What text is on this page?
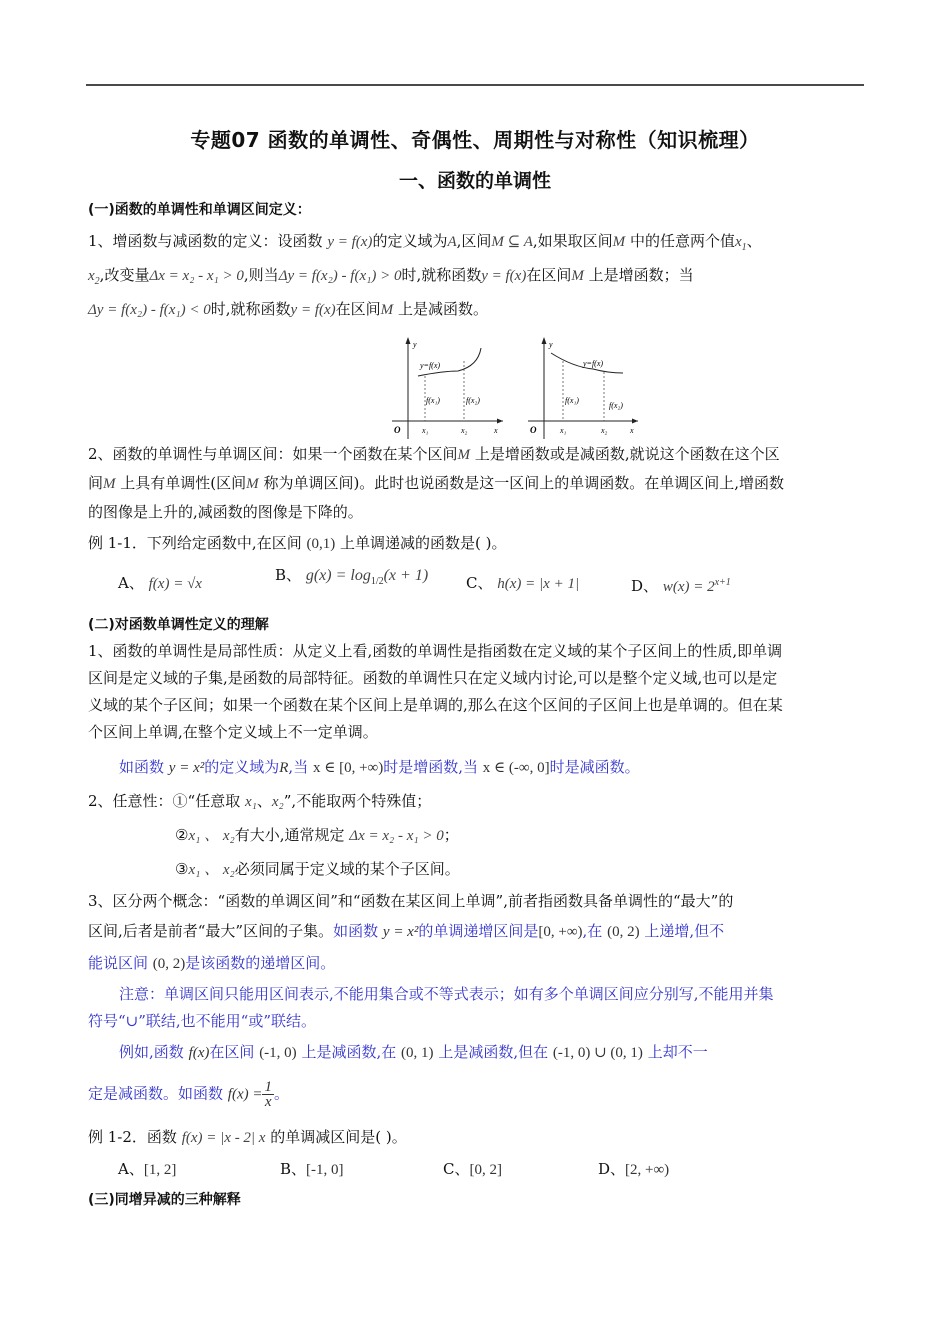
专题07 函数的单调性、奇偶性、周期性与对称性（知识梳理）
一、函数的单调性
(一)函数的单调性和单调区间定义：
1、增函数与减函数的定义：设函数 y = f(x)的定义域为A,区间M ⊆ A,如果取区间M 中的任意两个值$x_1$、
$x_2$,改变量Δx = x₂ - x₁ > 0,则当Δy = f(x₂) - f(x₁) > 0时,就称函数y = f(x)在区间M 上是增函数；当
Δy = f(x₂) - f(x₁) < 0时,就称函数y = f(x)在区间M 上是减函数。
y=f(x)
f(x₁)	f(x₂)
x₁	x₂	x
y
O
y=f(x)
f(x₁)
f(x₂)
x₁	x₂	x
y
O
2、函数的单调性与单调区间：如果一个函数在某个区间M 上是增函数或是减函数,就说这个函数在这个区
间M 上具有单调性(区间M 称为单调区间)。此时也说函数是这一区间上的单调函数。在单调区间上,增函数
的图像是上升的,减函数的图像是下降的。
例 1-1．下列给定函数中,在区间 (0,1) 上单调递减的函数是( )。
A、 f(x) = √x	B、 $g(x) = \log_{1/2}(x + 1)$	C、 h(x) = |x + 1|	D、 $w(x) = 2^{x+1}$
(二)对函数单调性定义的理解
1、函数的单调性是局部性质：从定义上看,函数的单调性是指函数在定义域的某个子区间上的性质,即单调
区间是定义域的子集,是函数的局部特征。函数的单调性只在定义域内讨论,可以是整个定义域,也可以是定
义域的某个子区间；如果一个函数在某个区间上是单调的,那么在这个区间的子区间上也是单调的。但在某
个区间上单调,在整个定义域上不一定单调。
如函数 y = x²的定义域为R,当 x ∈ [0, +∞)时是增函数,当 x ∈ (-∞, 0]时是减函数。
2、任意性：①“任意取 x₁、x₂”,不能取两个特殊值；
②x₁ 、 x₂有大小,通常规定 Δx = x₂ - x₁ > 0；
③x₁ 、 x₂必须同属于定义域的某个子区间。
3、区分两个概念：“函数的单调区间”和“函数在某区间上单调”,前者指函数具备单调性的“最大”的
区间,后者是前者“最大”区间的子集。如函数 y = x²的单调递增区间是[0, +∞),在 (0, 2) 上递增,但不
能说区间 (0, 2)是该函数的递增区间。
注意：单调区间只能用区间表示,不能用集合或不等式表示；如有多个单调区间应分别写,不能用并集
符号“∪”联结,也不能用“或”联结。
例如,函数 f(x)在区间 (-1, 0) 上是减函数,在 (0, 1) 上是减函数,但在 (-1, 0) ∪ (0, 1) 上却不一
定是减函数。如函数 $f(x) = \frac{1}{x}$ 。
例 1-2．函数 f(x) = |x - 2| x 的单调减区间是( )。
A、[1, 2]	B、[-1, 0]	C、[0, 2]	D、[2, +∞)
(三)同增异减的三种解释
